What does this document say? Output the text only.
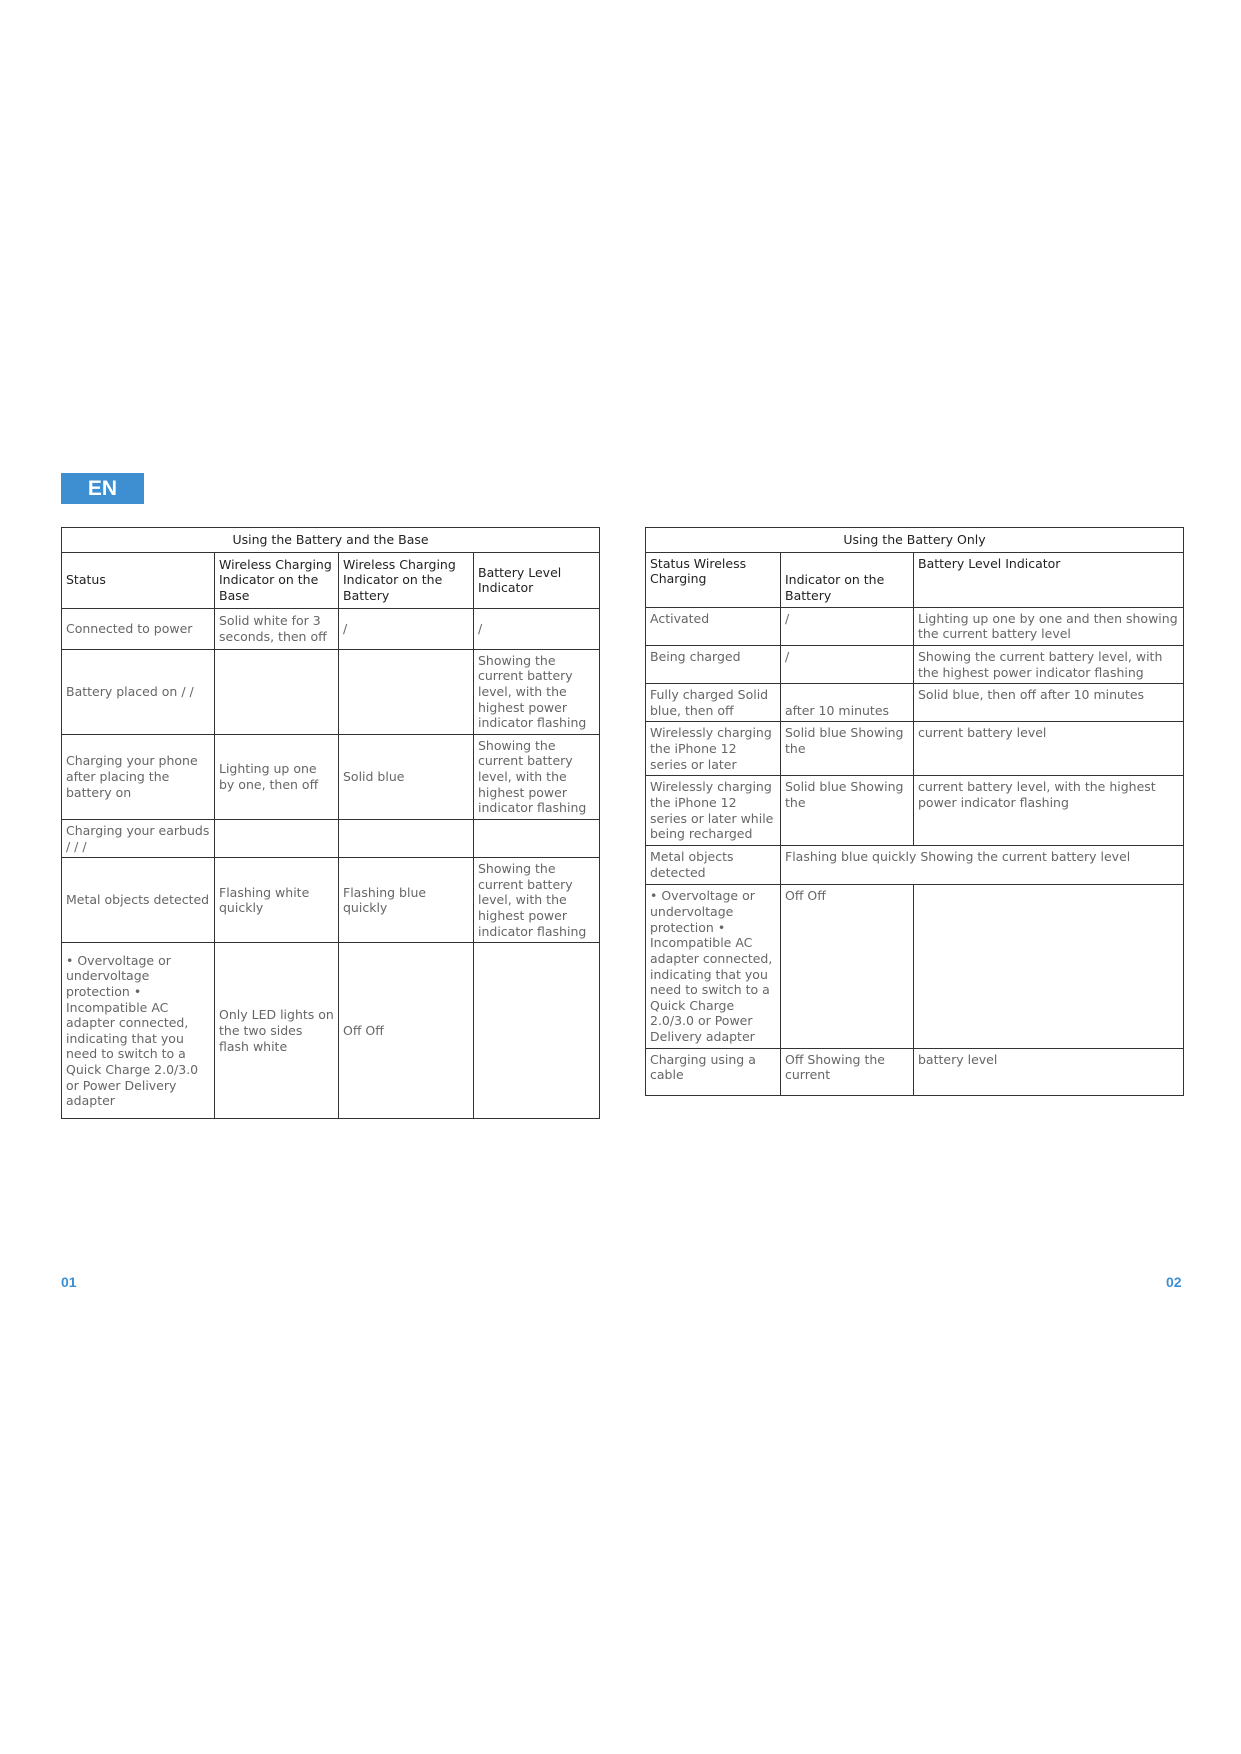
EN
Using the Battery and the Base			
Status	Wireless Charging Indicator on the Base	Wireless Charging Indicator on the Battery	Battery Level Indicator
Connected to power	Solid white for 3 seconds, then off	/	/
Battery placed on / /			Showing the current battery level, with the highest power indicator flashing
Charging your phone after placing the battery on	Lighting up one by one, then off	Solid blue	Showing the current battery level, with the highest power indicator flashing
Charging your earbuds / / /			
Metal objects detected	Flashing white quickly	Flashing blue quickly	Showing the current battery level, with the highest power indicator flashing
• Overvoltage or undervoltage protection • Incompatible AC adapter connected, indicating that you need to switch to a Quick Charge 2.0/3.0 or Power Delivery adapter	Only LED lights on the two sides flash white	Off Off	
Using the Battery Only		
Status Wireless Charging	Indicator on the Battery	Battery Level Indicator
Activated	/	Lighting up one by one and then showing the current battery level
Being charged	/	Showing the current battery level, with the highest power indicator flashing
Fully charged Solid blue, then off	after 10 minutes	Solid blue, then off after 10 minutes
Wirelessly charging the iPhone 12 series or later	Solid blue Showing the	current battery level
Wirelessly charging the iPhone 12 series or later while being recharged	Solid blue Showing the	current battery level, with the highest power indicator flashing
Metal objects detected	Flashing blue quickly Showing the current battery level	
• Overvoltage or undervoltage protection • Incompatible AC adapter connected, indicating that you need to switch to a Quick Charge 2.0/3.0 or Power Delivery adapter	Off Off	
Charging using a cable	Off Showing the current	battery level
01	02
